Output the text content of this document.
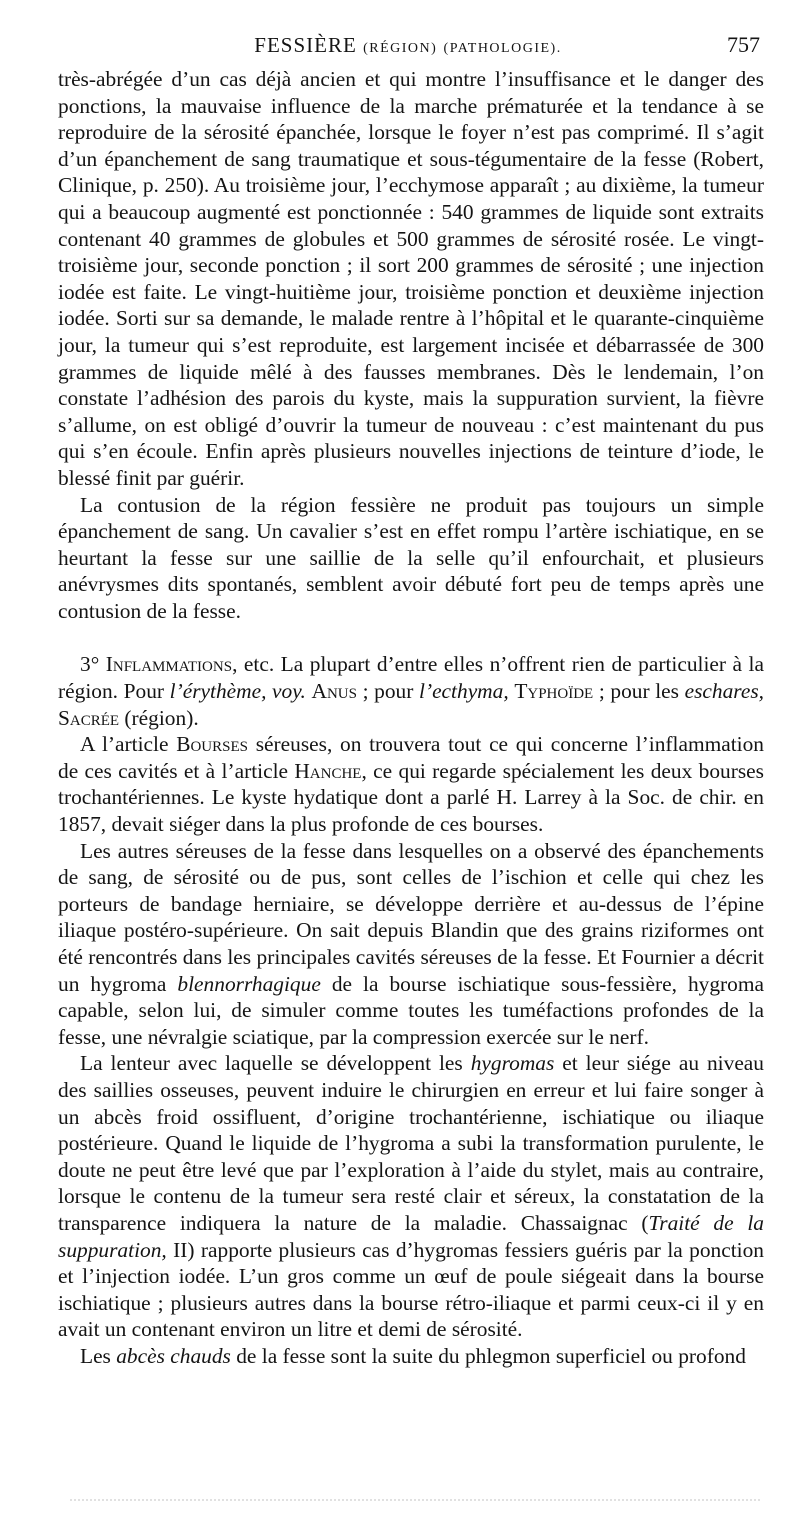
FESSIÈRE (RÉGION) (PATHOLOGIE).	757

très-abrégée d’un cas déjà ancien et qui montre l’insuffisance et le danger des ponctions, la mauvaise influence de la marche prématurée et la tendance à se reproduire de la sérosité épanchée, lorsque le foyer n’est pas comprimé. Il s’agit d’un épanchement de sang traumatique et sous-tégumentaire de la fesse (Robert, Clinique, p. 250). Au troisième jour, l’ecchymose apparaît ; au dixième, la tumeur qui a beaucoup augmenté est ponctionnée : 540 grammes de liquide sont extraits contenant 40 grammes de globules et 500 grammes de sérosité rosée. Le vingt-troisième jour, seconde ponction ; il sort 200 grammes de sérosité ; une injection iodée est faite. Le vingt-huitième jour, troisième ponction et deuxième injection iodée. Sorti sur sa demande, le malade rentre à l’hôpital et le quarante-cinquième jour, la tumeur qui s’est reproduite, est largement incisée et débarrassée de 300 grammes de liquide mêlé à des fausses membranes. Dès le lendemain, l’on constate l’adhésion des parois du kyste, mais la suppuration survient, la fièvre s’allume, on est obligé d’ouvrir la tumeur de nouveau : c’est maintenant du pus qui s’en écoule. Enfin après plusieurs nouvelles injections de teinture d’iode, le blessé finit par guérir.

La contusion de la région fessière ne produit pas toujours un simple épanchement de sang. Un cavalier s’est en effet rompu l’artère ischiatique, en se heurtant la fesse sur une saillie de la selle qu’il enfourchait, et plusieurs anévrysmes dits spontanés, semblent avoir débuté fort peu de temps après une contusion de la fesse.

3° Inflammations, etc. La plupart d’entre elles n’offrent rien de particulier à la région. Pour l’érythème, voy. Anus ; pour l’ecthyma, Typhoïde ; pour les eschares, Sacrée (région).

A l’article Bourses séreuses, on trouvera tout ce qui concerne l’inflammation de ces cavités et à l’article Hanche, ce qui regarde spécialement les deux bourses trochantériennes. Le kyste hydatique dont a parlé H. Larrey à la Soc. de chir. en 1857, devait siéger dans la plus profonde de ces bourses.

Les autres séreuses de la fesse dans lesquelles on a observé des épanchements de sang, de sérosité ou de pus, sont celles de l’ischion et celle qui chez les porteurs de bandage herniaire, se développe derrière et au-dessus de l’épine iliaque postéro-supérieure. On sait depuis Blandin que des grains riziformes ont été rencontrés dans les principales cavités séreuses de la fesse. Et Fournier a décrit un hygroma blennorrhagique de la bourse ischiatique sous-fessière, hygroma capable, selon lui, de simuler comme toutes les tuméfactions profondes de la fesse, une névralgie sciatique, par la compression exercée sur le nerf.

La lenteur avec laquelle se développent les hygromas et leur siége au niveau des saillies osseuses, peuvent induire le chirurgien en erreur et lui faire songer à un abcès froid ossifluent, d’origine trochantérienne, ischiatique ou iliaque postérieure. Quand le liquide de l’hygroma a subi la transformation purulente, le doute ne peut être levé que par l’exploration à l’aide du stylet, mais au contraire, lorsque le contenu de la tumeur sera resté clair et séreux, la constatation de la transparence indiquera la nature de la maladie. Chassaignac (Traité de la suppuration, II) rapporte plusieurs cas d’hygromas fessiers guéris par la ponction et l’injection iodée. L’un gros comme un œuf de poule siégeait dans la bourse ischiatique ; plusieurs autres dans la bourse rétro-iliaque et parmi ceux-ci il y en avait un contenant environ un litre et demi de sérosité.

Les abcès chauds de la fesse sont la suite du phlegmon superficiel ou profond
